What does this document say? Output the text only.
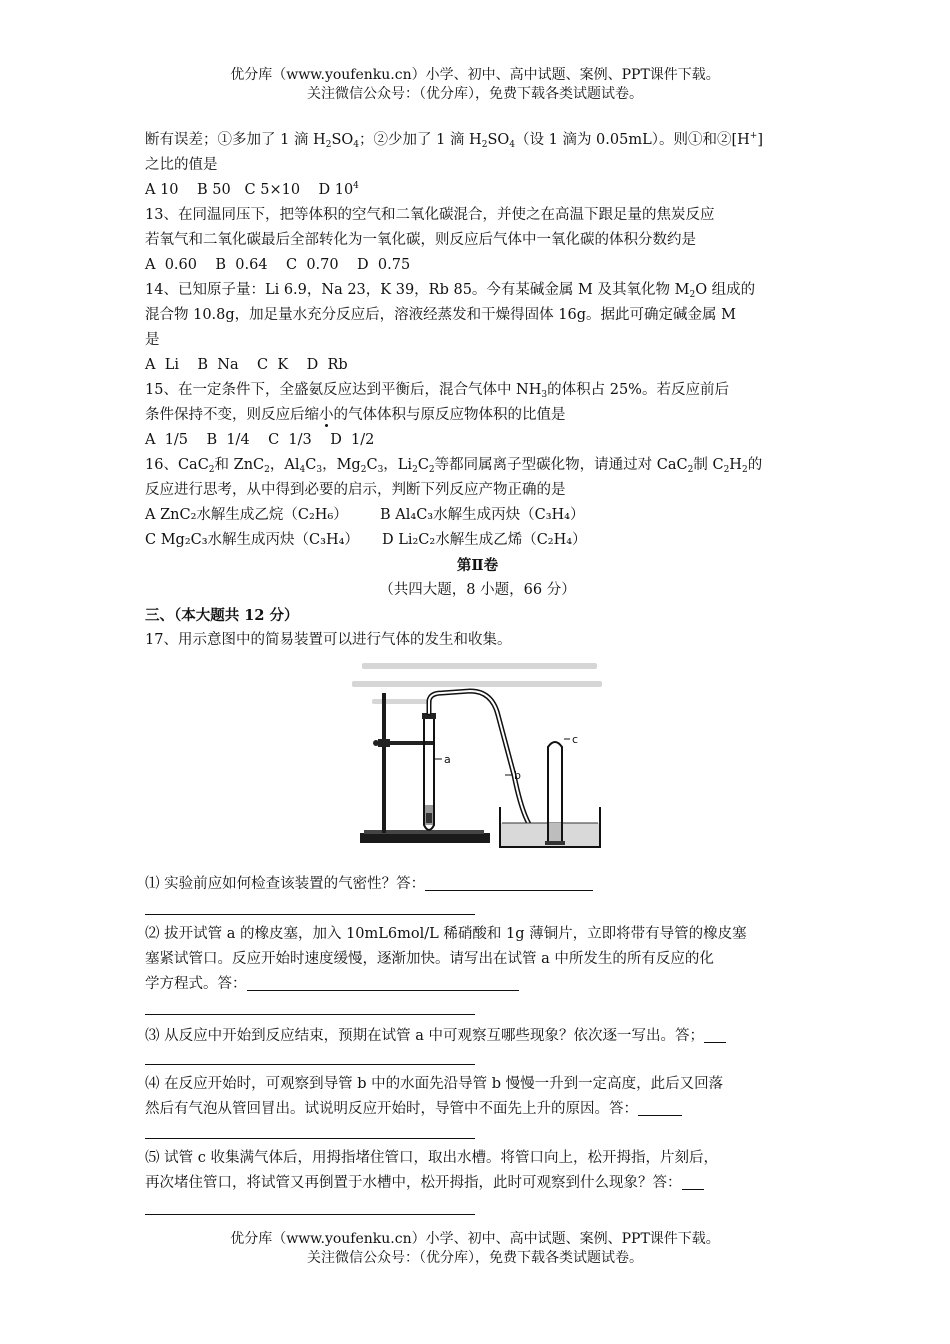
优分库（www.youfenku.cn）小学、初中、高中试题、案例、PPT课件下载。
关注微信公众号：（优分库），免费下载各类试题试卷。
断有误差；①多加了 1 滴 $H_2SO_4$；②少加了 1 滴 $H_2SO_4$（设 1 滴为 0.05mL）。则①和②[H+]
之比的值是
A 10 B 50 C 5×10 D $10^4$
13、在同温同压下，把等体积的空气和二氧化碳混合，并使之在高温下跟足量的焦炭反应
若氧气和二氧化碳最后全部转化为一氧化碳，则反应后气体中一氧化碳的体积分数约是
A  0.60    B  0.64    C  0.70    D  0.75
14、已知原子量：Li 6.9，Na 23，K 39，Rb 85。今有某碱金属 M 及其氧化物 $M_2O$ 组成的
混合物 10.8g，加足量水充分反应后，溶液经蒸发和干燥得固体 16g。据此可确定碱金属 M
是
A  Li    B  Na    C  K    D  Rb
15、在一定条件下，全盛氨反应达到平衡后，混合气体中 $NH_3$的体积占 25%。若反应前后
条件保持不变，则反应后缩小的气体体积与原反应物体积的比值是
A  1/5    B  1/4    C  1/3    D  1/2
16、CaC$_2$和 ZnC$_2$，$Al_4C_3$，$Mg_2C_3$，$Li_2C_2$等都同属离子型碳化物，请通过对 CaC$_2$制 $C_2H_2$的
反应进行思考，从中得到必要的启示，判断下列反应产物正确的是
A ZnC₂水解生成乙烷（C₂H₆） B Al₄C₃水解生成丙炔（C₃H₄）
C Mg₂C₃水解生成丙炔（C₃H₄） D Li₂C₂水解生成乙烯（C₂H₄）
第Ⅱ卷
（共四大题，8 小题，66 分）
三、（本大题共 12 分）
17、用示意图中的简易装置可以进行气体的发生和收集。
a
b
c
⑴ 实验前应如何检查该装置的气密性？答：
⑵ 拔开试管 a 的橡皮塞，加入 10mL6mol/L 稀硝酸和 1g 薄铜片，立即将带有导管的橡皮塞
塞紧试管口。反应开始时速度缓慢，逐渐加快。请写出在试管 a 中所发生的所有反应的化
学方程式。答：
⑶ 从反应中开始到反应结束，预期在试管 a 中可观察互哪些现象？依次逐一写出。答；
⑷ 在反应开始时，可观察到导管 b 中的水面先沿导管 b 慢慢一升到一定高度，此后又回落
然后有气泡从管回冒出。试说明反应开始时，导管中不面先上升的原因。答：
⑸ 试管 c 收集满气体后，用拇指堵住管口，取出水槽。将管口向上，松开拇指，片刻后，
再次堵住管口，将试管又再倒置于水槽中，松开拇指，此时可观察到什么现象？答：
优分库（www.youfenku.cn）小学、初中、高中试题、案例、PPT课件下载。
关注微信公众号：（优分库），免费下载各类试题试卷。
